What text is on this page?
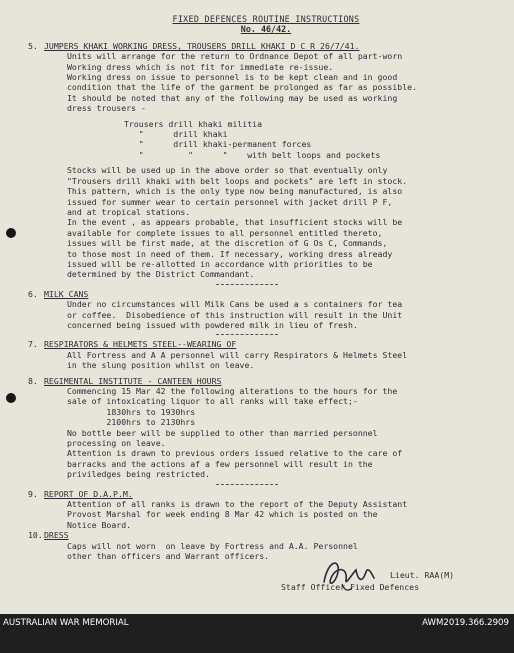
FIXED DEFENCES ROUTINE INSTRUCTIONS
No. 46/42.
5. JUMPERS KHAKI WORKING DRESS, TROUSERS DRILL KHAKI D C R 26/7/41.
Units will arrange for the return to Ordnance Depot of all part-worn
Working dress which is not fit for immediate re-issue.
Working dress on issue to personnel is to be kept clean and in good
condition that the life of the garment be prolonged as far as possible.
It should be noted that any of the following may be used as working
dress trousers -
Trousers drill khaki militia
"      drill khaki
"      drill khaki-permanent forces
"         "      "    with belt loops and pockets
Stocks will be used up in the above order so that eventually only
"Trousers drill khaki with belt loops and pockets" are left in stock.
This pattern, which is the only type now being manufactured, is also
issued for summer wear to certain personnel with jacket drill P F,
and at tropical stations.
In the event , as appears probable, that insufficient stocks will be
available for complete issues to all personnel entitled thereto,
issues will be first made, at the discretion of G Os C, Commands,
to those most in need of them. If necessary, working dress already
issued will be re-allotted in accordance with priorities to be
determined by the District Commandant.
6. MILK CANS
Under no circumstances will Milk Cans be used a s containers for tea
or coffee.  Disobedience of this instruction will result in the Unit
concerned being issued with powdered milk in lieu of fresh.
7. RESPIRATORS & HELMETS STEEL--WEARING OF
All Fortress and A A personnel will carry Respirators & Helmets Steel
in the slung position whilst on leave.
8. REGIMENTAL INSTITUTE - CANTEEN HOURS
Commencing 15 Mar 42 the following alterations to the hours for the
sale of intoxicating liquor to all ranks will take effect;-
1830hrs to 1930hrs
2100hrs to 2130hrs
No bottle beer will be supplied to other than married personnel
processing on leave.
Attention is drawn to previous orders issued relative to the care of
barracks and the actions af a few personnel will result in the
priviledges being restricted.
9. REPORT OF D.A.P.M.
Attention of all ranks is drawn to the report of the Deputy Assistant
Provost Marshal for week ending 8 Mar 42 which is posted on the
Notice Board.
10.DRESS
Caps will not worn  on leave by Fortress and A.A. Personnel
other than officers and Warrant officers.
Lieut. RAA(M)
Staff Officer Fixed Defences
AUSTRALIAN WAR MEMORIAL	AWM2019.366.2909
